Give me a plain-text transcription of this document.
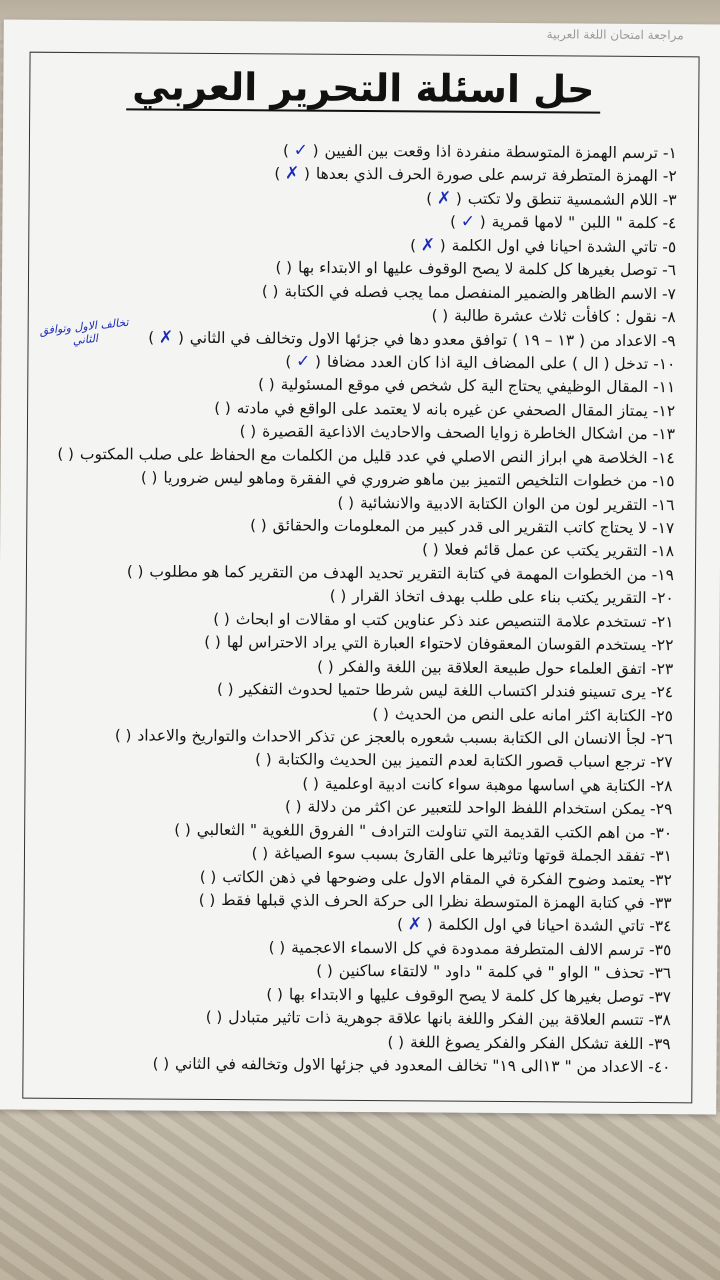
مراجعة امتحان اللغة العربية
حل اسئلة التحرير العربي
تخالف الاول وتوافق الثاني
١- ترسم الهمزة المتوسطة منفردة اذا وقعت بين الفيين( ✓ )
٢- الهمزة المتطرفة ترسم على صورة الحرف الذي بعدها( ✗ )
٣- اللام الشمسية تنطق ولا تكتب( ✗ )
٤- كلمة " اللبن " لامها قمرية( ✓ )
٥- تاتي الشدة احيانا في اول الكلمة( ✗ )
٦- توصل بغيرها كل كلمة لا يصح الوقوف عليها او الابتداء بها( )
٧- الاسم الظاهر والضمير المنفصل مما يجب فصله في الكتابة( )
٨- نقول : كافأت ثلاث عشرة طالبة( )
٩- الاعداد من ( ١٣ – ١٩ ) توافق معدو دها في جزئها الاول وتخالف في الثاني( ✗ )
١٠- تدخل ( ال ) على المضاف الية اذا كان العدد مضافا( ✓ )
١١- المقال الوظيفي يحتاج الية كل شخص في موقع المسئولية( )
١٢- يمتاز المقال الصحفي عن غيره بانه لا يعتمد على الواقع في مادته( )
١٣- من اشكال الخاطرة زوايا الصحف والاحاديث الاذاعية القصيرة( )
١٤- الخلاصة هي ابراز النص الاصلي في عدد قليل من الكلمات مع الحفاظ على صلب المكتوب( )
١٥- من خطوات التلخيص التميز بين ماهو ضروري في الفقرة وماهو ليس ضروريا( )
١٦- التقرير لون من الوان الكتابة الادبية والانشائية( )
١٧- لا يحتاج كاتب التقرير الى قدر كبير من المعلومات والحقائق( )
١٨- التقرير يكتب عن عمل قائم فعلا( )
١٩- من الخطوات المهمة في كتابة التقرير تحديد الهدف من التقرير كما هو مطلوب( )
٢٠- التقرير يكتب بناء على طلب بهدف اتخاذ القرار( )
٢١- تستخدم علامة التنصيص عند ذكر عناوين كتب او مقالات او ابحاث( )
٢٢- يستخدم القوسان المعقوفان لاحتواء العبارة التي يراد الاحتراس لها( )
٢٣- اتفق العلماء حول طبيعة العلاقة بين اللغة والفكر( )
٢٤- يرى تسينو فندلر اكتساب اللغة ليس شرطا حتميا لحدوث التفكير( )
٢٥- الكتابة اكثر امانه على النص من الحديث( )
٢٦- لجأ الانسان الى الكتابة بسبب شعوره بالعجز عن تذكر الاحداث والتواريخ والاعداد( )
٢٧- ترجع اسباب قصور الكتابة لعدم التميز بين الحديث والكتابة( )
٢٨- الكتابة هي اساسها موهبة سواء كانت ادبية اوعلمية( )
٢٩- يمكن استخدام اللفظ الواحد للتعبير عن اكثر من دلالة( )
٣٠- من اهم الكتب القديمة التي تناولت الترادف " الفروق اللغوية " الثعالبي( )
٣١- تفقد الجملة قوتها وتاثيرها على القارئ بسبب سوء الصياغة( )
٣٢- يعتمد وضوح الفكرة في المقام الاول على وضوحها في ذهن الكاتب( )
٣٣- في كتابة الهمزة المتوسطة نظرا الى حركة الحرف الذي قبلها فقط( )
٣٤- تاتي الشدة احيانا في اول الكلمة( ✗ )
٣٥- ترسم الالف المتطرفة ممدودة في كل الاسماء الاعجمية( )
٣٦- تحذف " الواو " في كلمة " داود " لالتقاء ساكنين( )
٣٧- توصل بغيرها كل كلمة لا يصح الوقوف عليها و الابتداء بها( )
٣٨- تتسم العلاقة بين الفكر واللغة بانها علاقة جوهرية ذات تاثير متبادل( )
٣٩- اللغة تشكل الفكر والفكر يصوغ اللغة( )
٤٠- الاعداد من " ١٣الى ١٩" تخالف المعدود في جزئها الاول وتخالفه في الثاني( )
